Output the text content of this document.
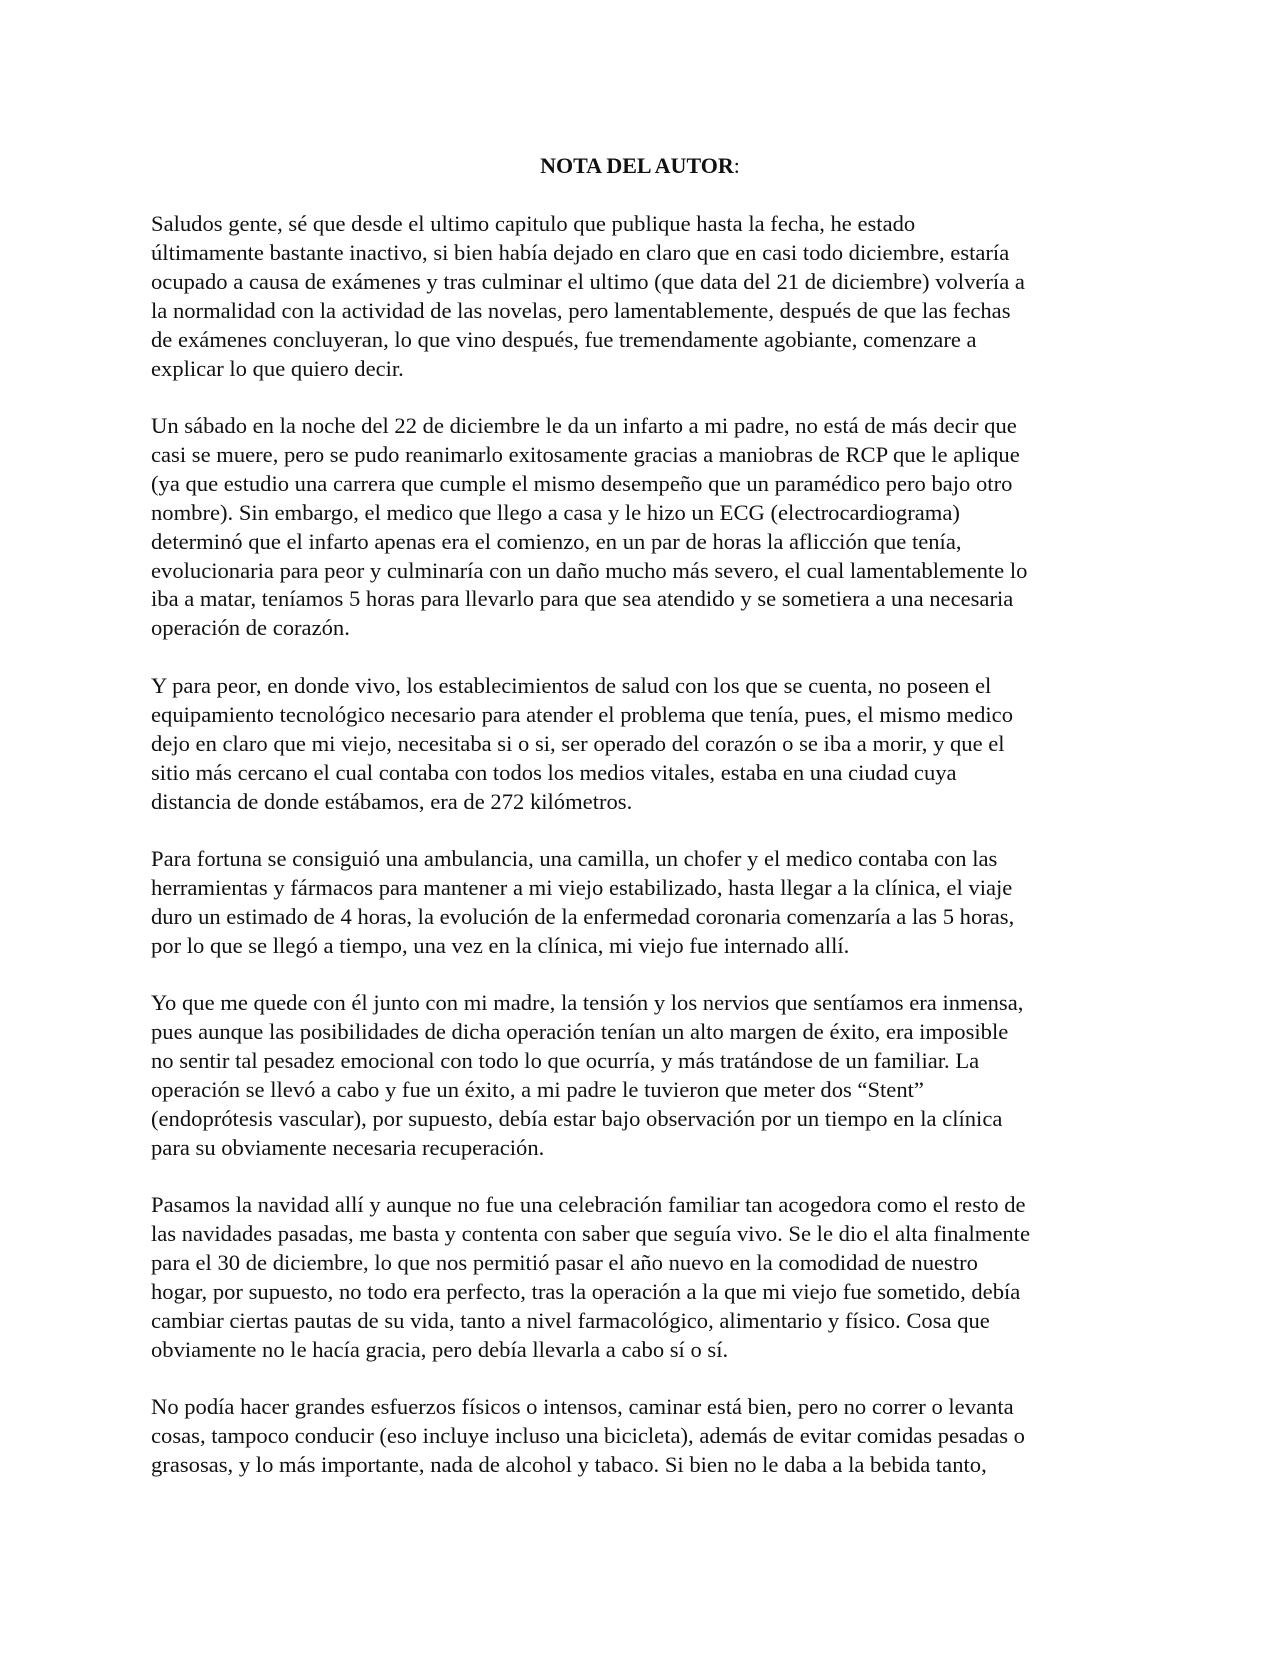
NOTA DEL AUTOR:
Saludos gente, sé que desde el ultimo capitulo que publique hasta la fecha, he estado
últimamente bastante inactivo, si bien había dejado en claro que en casi todo diciembre, estaría
ocupado a causa de exámenes y tras culminar el ultimo (que data del 21 de diciembre) volvería a
la normalidad con la actividad de las novelas, pero lamentablemente, después de que las fechas
de exámenes concluyeran, lo que vino después, fue tremendamente agobiante, comenzare a
explicar lo que quiero decir.
Un sábado en la noche del 22 de diciembre le da un infarto a mi padre, no está de más decir que
casi se muere, pero se pudo reanimarlo exitosamente gracias a maniobras de RCP que le aplique
(ya que estudio una carrera que cumple el mismo desempeño que un paramédico pero bajo otro
nombre). Sin embargo, el medico que llego a casa y le hizo un ECG (electrocardiograma)
determinó que el infarto apenas era el comienzo, en un par de horas la aflicción que tenía,
evolucionaria para peor y culminaría con un daño mucho más severo, el cual lamentablemente lo
iba a matar, teníamos 5 horas para llevarlo para que sea atendido y se sometiera a una necesaria
operación de corazón.
Y para peor, en donde vivo, los establecimientos de salud con los que se cuenta, no poseen el
equipamiento tecnológico necesario para atender el problema que tenía, pues, el mismo medico
dejo en claro que mi viejo, necesitaba si o si, ser operado del corazón o se iba a morir, y que el
sitio más cercano el cual contaba con todos los medios vitales, estaba en una ciudad cuya
distancia de donde estábamos, era de 272 kilómetros.
Para fortuna se consiguió una ambulancia, una camilla, un chofer y el medico contaba con las
herramientas y fármacos para mantener a mi viejo estabilizado, hasta llegar a la clínica, el viaje
duro un estimado de 4 horas, la evolución de la enfermedad coronaria comenzaría a las 5 horas,
por lo que se llegó a tiempo, una vez en la clínica, mi viejo fue internado allí.
Yo que me quede con él junto con mi madre, la tensión y los nervios que sentíamos era inmensa,
pues aunque las posibilidades de dicha operación tenían un alto margen de éxito, era imposible
no sentir tal pesadez emocional con todo lo que ocurría, y más tratándose de un familiar. La
operación se llevó a cabo y fue un éxito, a mi padre le tuvieron que meter dos “Stent”
(endoprótesis vascular), por supuesto, debía estar bajo observación por un tiempo en la clínica
para su obviamente necesaria recuperación.
Pasamos la navidad allí y aunque no fue una celebración familiar tan acogedora como el resto de
las navidades pasadas, me basta y contenta con saber que seguía vivo. Se le dio el alta finalmente
para el 30 de diciembre, lo que nos permitió pasar el año nuevo en la comodidad de nuestro
hogar, por supuesto, no todo era perfecto, tras la operación a la que mi viejo fue sometido, debía
cambiar ciertas pautas de su vida, tanto a nivel farmacológico, alimentario y físico. Cosa que
obviamente no le hacía gracia, pero debía llevarla a cabo sí o sí.
No podía hacer grandes esfuerzos físicos o intensos, caminar está bien, pero no correr o levanta
cosas, tampoco conducir (eso incluye incluso una bicicleta), además de evitar comidas pesadas o
grasosas, y lo más importante, nada de alcohol y tabaco. Si bien no le daba a la bebida tanto,
